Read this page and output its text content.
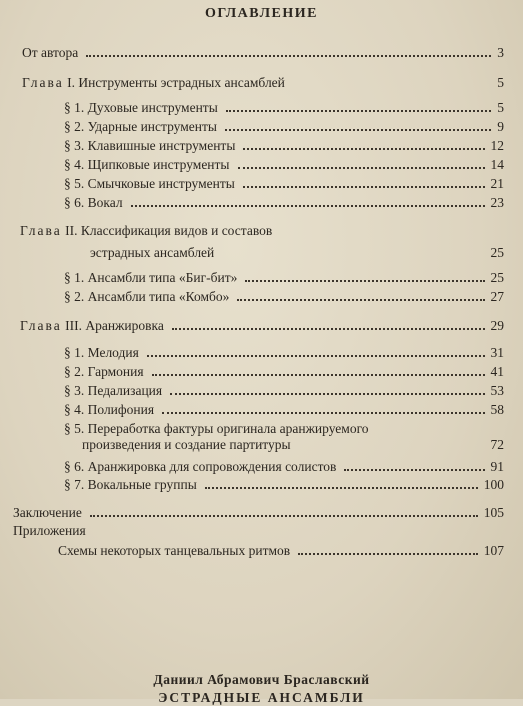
ОГЛАВЛЕНИЕ
От автора	3
Глава I. Инструменты эстрадных ансамблей	5
§ 1. Духовые инструменты	5
§ 2. Ударные инструменты	9
§ 3. Клавишные инструменты	12
§ 4. Щипковые инструменты	14
§ 5. Смычковые инструменты	21
§ 6. Вокал	23
Глава II. Классификация видов и составов
эстрадных ансамблей	25
§ 1. Ансамбли типа «Биг-бит»	25
§ 2. Ансамбли типа «Комбо»	27
Глава III. Аранжировка	29
§ 1. Мелодия	31
§ 2. Гармония	41
§ 3. Педализация	53
§ 4. Полифония	58
§ 5. Переработка фактуры оригинала аранжируемого
произведения и создание партитуры	72
§ 6. Аранжировка для сопровождения солистов	91
§ 7. Вокальные группы	100
Заключение	105
Приложения
Схемы некоторых танцевальных ритмов	107
Даниил Абрамович Браславский
ЭСТРАДНЫЕ АНСАМБЛИ
